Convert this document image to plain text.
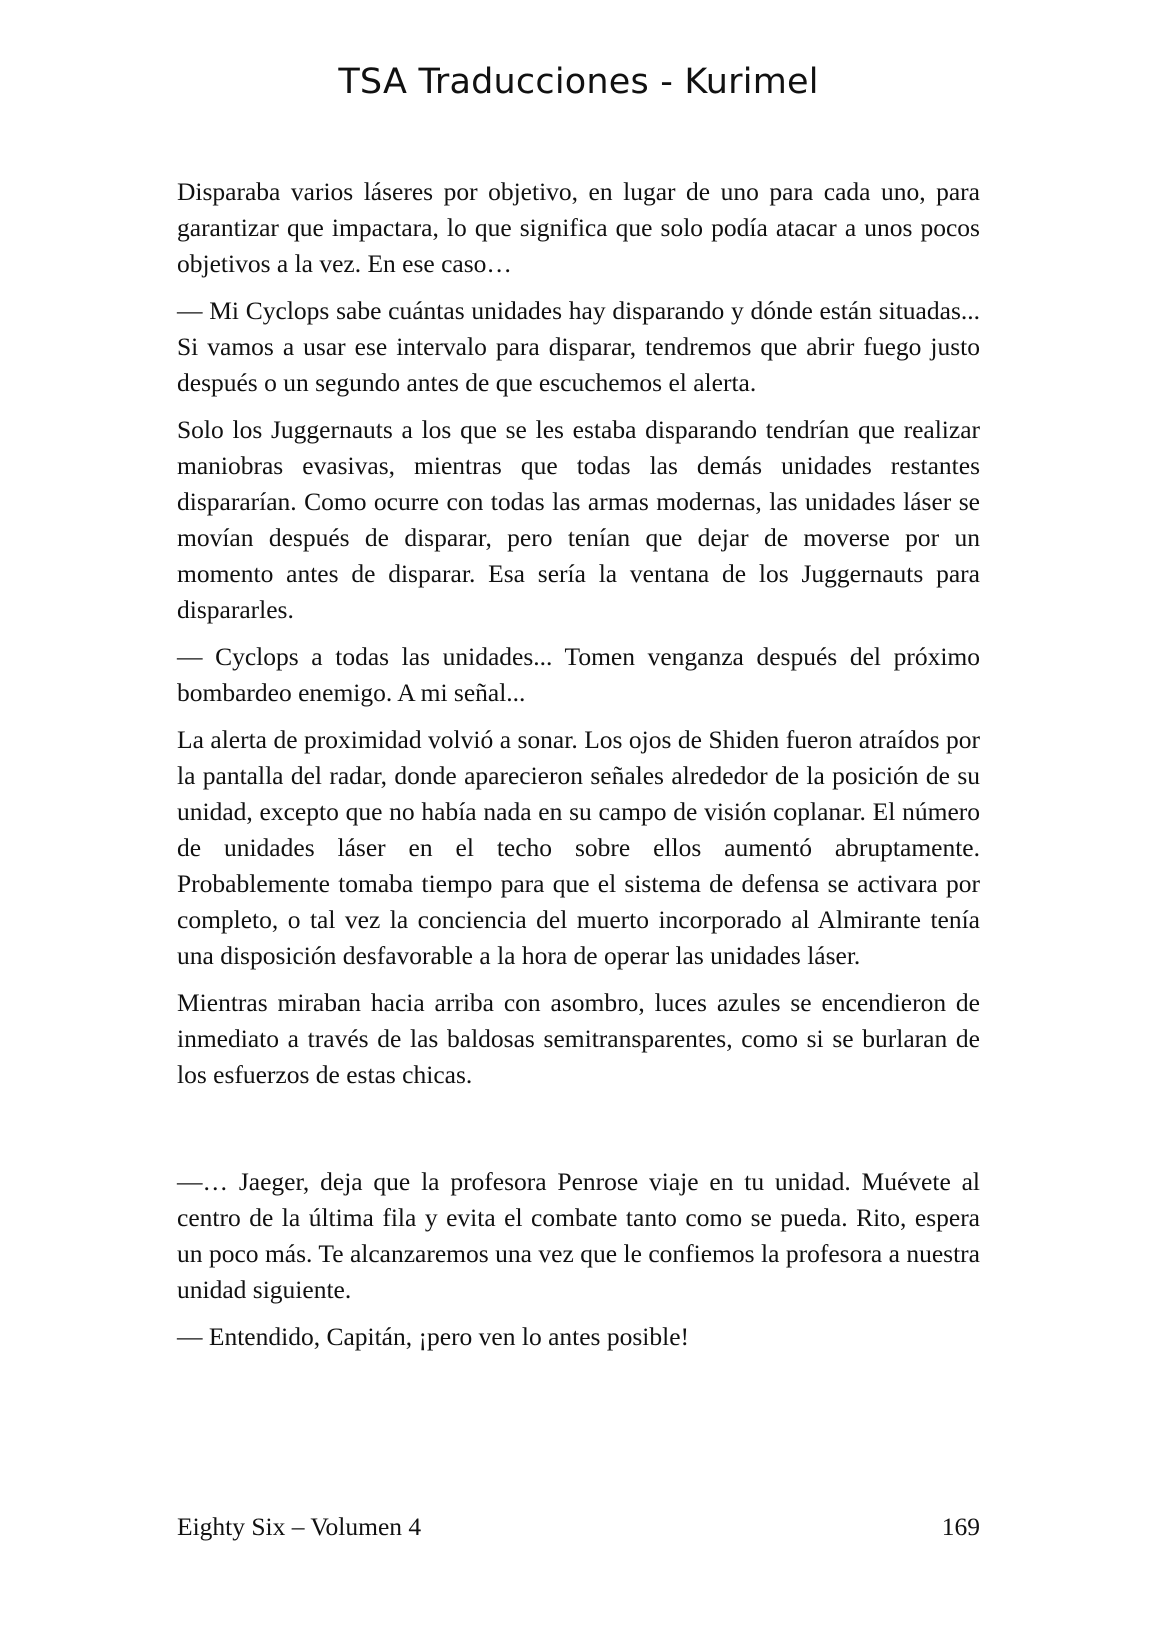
TSA Traducciones - Kurimel

Disparaba varios láseres por objetivo, en lugar de uno para cada uno, para garantizar que impactara, lo que significa que solo podía atacar a unos pocos objetivos a la vez. En ese caso…

— Mi Cyclops sabe cuántas unidades hay disparando y dónde están situadas... Si vamos a usar ese intervalo para disparar, tendremos que abrir fuego justo después o un segundo antes de que escuchemos el alerta.

Solo los Juggernauts a los que se les estaba disparando tendrían que realizar maniobras evasivas, mientras que todas las demás unidades restantes dispararían. Como ocurre con todas las armas modernas, las unidades láser se movían después de disparar, pero tenían que dejar de moverse por un momento antes de disparar. Esa sería la ventana de los Juggernauts para dispararles.

— Cyclops a todas las unidades... Tomen venganza después del próximo bombardeo enemigo. A mi señal...

La alerta de proximidad volvió a sonar. Los ojos de Shiden fueron atraídos por la pantalla del radar, donde aparecieron señales alrededor de la posición de su unidad, excepto que no había nada en su campo de visión coplanar. El número de unidades láser en el techo sobre ellos aumentó abruptamente. Probablemente tomaba tiempo para que el sistema de defensa se activara por completo, o tal vez la conciencia del muerto incorporado al Almirante tenía una disposición desfavorable a la hora de operar las unidades láser.

Mientras miraban hacia arriba con asombro, luces azules se encendieron de inmediato a través de las baldosas semitransparentes, como si se burlaran de los esfuerzos de estas chicas.

—… Jaeger, deja que la profesora Penrose viaje en tu unidad. Muévete al centro de la última fila y evita el combate tanto como se pueda. Rito, espera un poco más. Te alcanzaremos una vez que le confiemos la profesora a nuestra unidad siguiente.

— Entendido, Capitán, ¡pero ven lo antes posible!

Eighty Six – Volumen 4	169
